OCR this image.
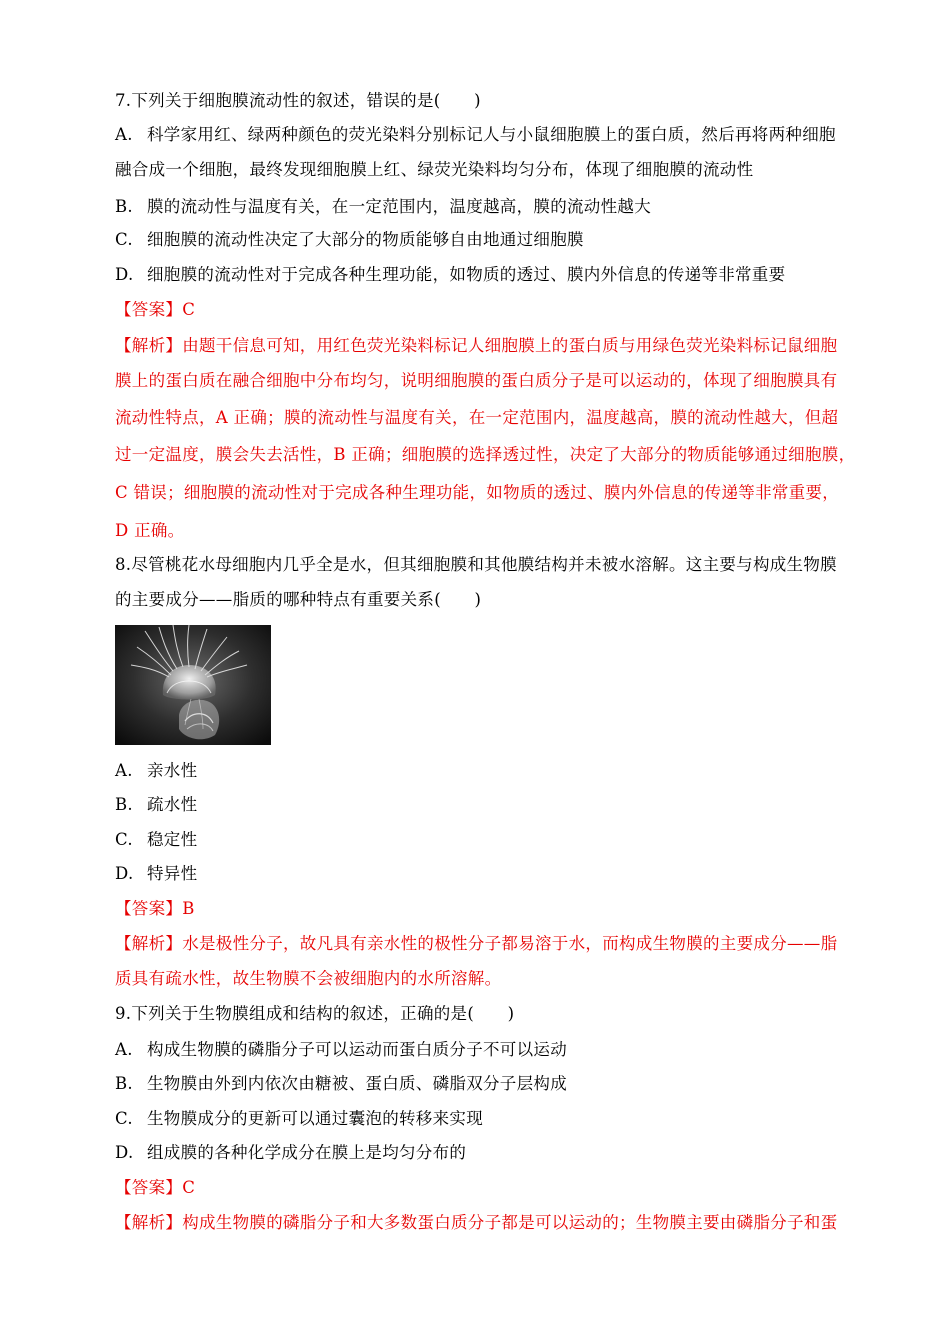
7.下列关于细胞膜流动性的叙述，错误的是(　　)
A. 科学家用红、绿两种颜色的荧光染料分别标记人与小鼠细胞膜上的蛋白质，然后再将两种细胞
融合成一个细胞，最终发现细胞膜上红、绿荧光染料均匀分布，体现了细胞膜的流动性
B. 膜的流动性与温度有关，在一定范围内，温度越高，膜的流动性越大
C. 细胞膜的流动性决定了大部分的物质能够自由地通过细胞膜
D. 细胞膜的流动性对于完成各种生理功能，如物质的透过、膜内外信息的传递等非常重要
【答案】C
【解析】由题干信息可知，用红色荧光染料标记人细胞膜上的蛋白质与用绿色荧光染料标记鼠细胞
膜上的蛋白质在融合细胞中分布均匀，说明细胞膜的蛋白质分子是可以运动的，体现了细胞膜具有
流动性特点，A 正确；膜的流动性与温度有关，在一定范围内，温度越高，膜的流动性越大，但超
过一定温度，膜会失去活性，B 正确；细胞膜的选择透过性，决定了大部分的物质能够通过细胞膜，
C 错误；细胞膜的流动性对于完成各种生理功能，如物质的透过、膜内外信息的传递等非常重要，
D 正确。
8.尽管桃花水母细胞内几乎全是水，但其细胞膜和其他膜结构并未被水溶解。这主要与构成生物膜
的主要成分——脂质的哪种特点有重要关系(　　)
A. 亲水性
B. 疏水性
C. 稳定性
D. 特异性
【答案】B
【解析】水是极性分子，故凡具有亲水性的极性分子都易溶于水，而构成生物膜的主要成分——脂
质具有疏水性，故生物膜不会被细胞内的水所溶解。
9.下列关于生物膜组成和结构的叙述，正确的是(　　)
A. 构成生物膜的磷脂分子可以运动而蛋白质分子不可以运动
B. 生物膜由外到内依次由糖被、蛋白质、磷脂双分子层构成
C. 生物膜成分的更新可以通过囊泡的转移来实现
D. 组成膜的各种化学成分在膜上是均匀分布的
【答案】C
【解析】构成生物膜的磷脂分子和大多数蛋白质分子都是可以运动的；生物膜主要由磷脂分子和蛋
